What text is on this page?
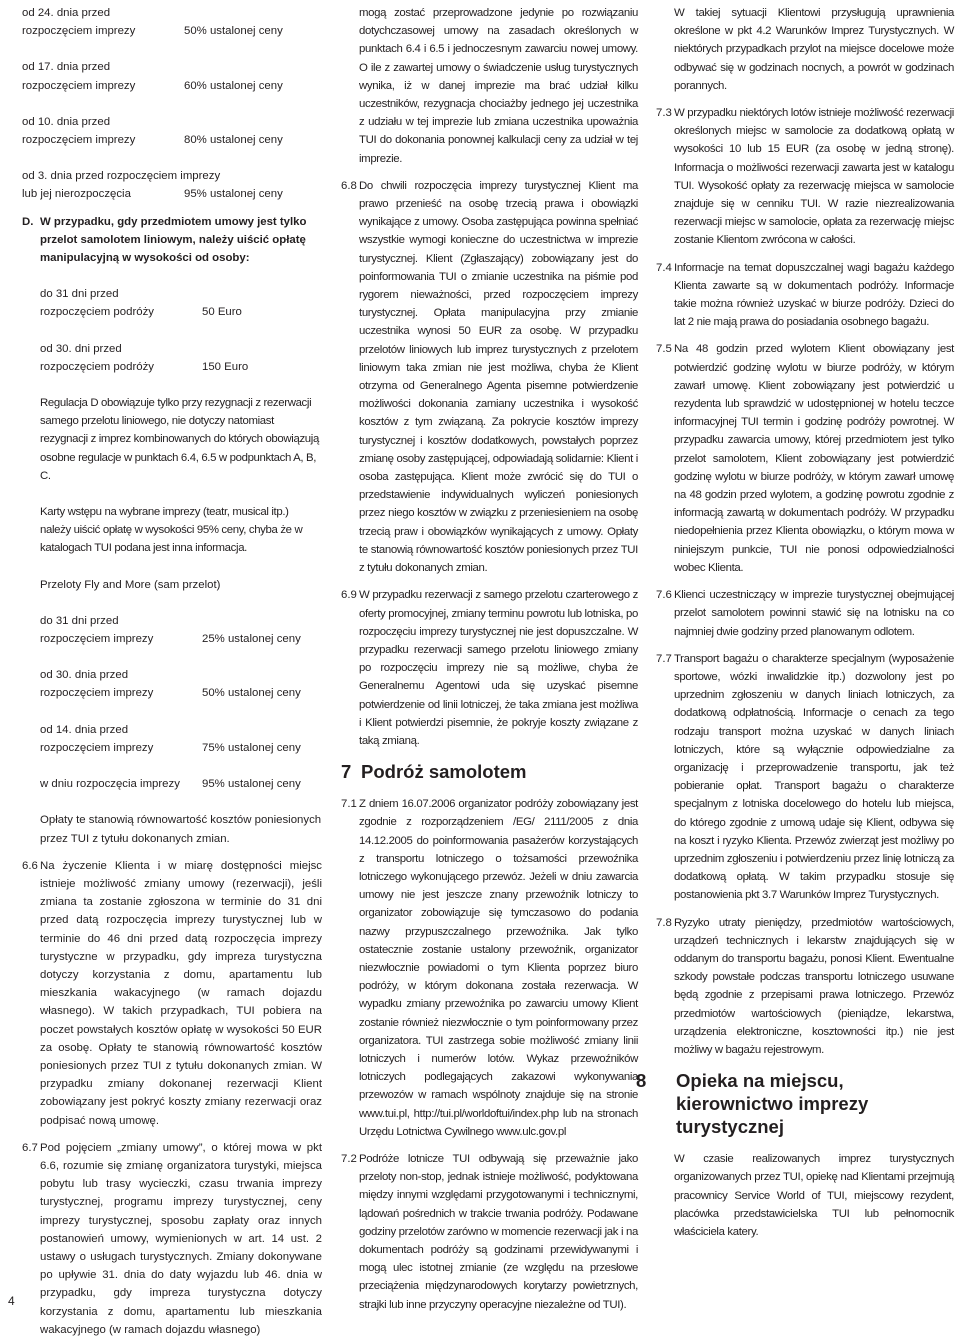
od 24. dnia przed
rozpoczęciem imprezy
	50% ustalonej ceny
od 17. dnia przed
rozpoczęciem imprezy
	60% ustalonej ceny
od 10. dnia przed
rozpoczęciem imprezy
	80% ustalonej ceny
od 3. dnia przed rozpoczęciem imprezy
lub jej nierozpoczęcia
	95% ustalonej ceny
D. W przypadku, gdy przedmiotem umowy jest tylko przelot samolotem liniowym, należy uiścić opłatę manipulacyjną w wysokości od osoby:
do 31 dni przed
rozpoczęciem podróży
	50 Euro
od 30. dni przed
rozpoczęciem podróży
	150 Euro
Regulacja D obowiązuje tylko przy rezygnacji z rezerwacji samego przelotu liniowego, nie dotyczy natomiast rezygnacji z imprez kombinowanych do których obowiązują osobne regulacje w punktach 6.4, 6.5 w podpunktach A, B, C.
Karty wstępu na wybrane imprezy (teatr, musical itp.) należy uiścić opłatę w wysokości 95% ceny, chyba że w katalogach TUI podana jest inna informacja.
Przeloty Fly and More (sam przelot)
do 31 dni przed
rozpoczęciem imprezy
	25% ustalonej ceny
od 30. dnia przed
rozpoczęciem imprezy
	50% ustalonej ceny
od 14. dnia przed
rozpoczęciem imprezy
	75% ustalonej ceny
w dniu rozpoczęcia imprezy	95% ustalonej ceny
Opłaty te stanowią równowartość kosztów poniesionych przez TUI z tytułu dokonanych zmian.
6.6 Na życzenie Klienta i w miarę dostępności miejsc istnieje możliwość zmiany umowy (rezerwacji), jeśli zmiana ta zostanie zgłoszona w terminie do 31 dni przed datą rozpoczęcia imprezy turystycznej lub w terminie do 46 dni przed datą rozpoczęcia imprezy turystyczne w przypadku, gdy impreza turystyczna dotyczy korzystania z domu, apartamentu lub mieszkania wakacyjnego (w ramach dojazdu własnego). W takich przypadkach, TUI pobiera na poczet powstałych kosztów opłatę w wysokości 50 EUR za osobę. Opłaty te stanowią równowartość kosztów poniesionych przez TUI z tytułu dokonanych zmian. W przypadku zmiany dokonanej rezerwacji Klient zobowiązany jest pokryć koszty zmiany rezerwacji oraz podpisać nową umowę.
6.7 Pod pojęciem „zmiany umowy”, o której mowa w pkt 6.6, rozumie się zmianę organizatora turystyki, miejsca pobytu lub trasy wycieczki, czasu trwania imprezy turystycznej, programu imprezy turystycznej, ceny imprezy turystycznej, sposobu zapłaty oraz innych postanowień umowy, wymienionych w art. 14 ust. 2 ustawy o usługach turystycznych. Zmiany dokonywane po upływie 31. dnia do daty wyjazdu lub 46. dnia w przypadku, gdy impreza turystyczna dotyczy korzystania z domu, apartamentu lub mieszkania wakacyjnego (w ramach dojazdu własnego)
mogą zostać przeprowadzone jedynie po rozwiązaniu dotychczasowej umowy na zasadach określonych w punktach 6.4 i 6.5 i jednoczesnym zawarciu nowej umowy. O ile z zawartej umowy o świadczenie usług turystycznych wynika, iż w danej imprezie ma brać udział kilku uczestników, rezygnacja chociażby jednego jej uczestnika z udziału w tej imprezie lub zmiana uczestnika upoważnia TUI do dokonania ponownej kalkulacji ceny za udział w tej imprezie.
6.8 Do chwili rozpoczęcia imprezy turystycznej Klient ma prawo przenieść na osobę trzecią prawa i obowiązki wynikające z umowy. Osoba zastępująca powinna spełniać wszystkie wymogi konieczne do uczestnictwa w imprezie turystycznej. Klient (Zgłaszający) zobowiązany jest do poinformowania TUI o zmianie uczestnika na piśmie pod rygorem nieważności, przed rozpoczęciem imprezy turystycznej. Opłata manipulacyjna przy zmianie uczestnika wynosi 50 EUR za osobę. W przypadku przelotów liniowych lub imprez turystycznych z przelotem liniowym taka zmian nie jest możliwa, chyba że Klient otrzyma od Generalnego Agenta pisemne potwierdzenie możliwości dokonania zamiany uczestnika i wysokość kosztów z tym związaną. Za pokrycie kosztów imprezy turystycznej i kosztów dodatkowych, powstałych poprzez zmianę osoby zastępującej, odpowiadają solidarnie: Klient i osoba zastępująca. Klient może zwrócić się do TUI o przedstawienie indywidualnych wyliczeń poniesionych przez niego kosztów w związku z przeniesieniem na osobę trzecią praw i obowiązków wynikających z umowy. Opłaty te stanowią równowartość kosztów poniesionych przez TUI z tytułu dokonanych zmian.
6.9 W przypadku rezerwacji z samego przelotu czarterowego z oferty promocyjnej, zmiany terminu powrotu lub lotniska, po rozpoczęciu imprezy turystycznej nie jest dopuszczalne. W przypadku rezerwacji samego przelotu liniowego zmiany po rozpoczęciu imprezy nie są możliwe, chyba że Generalnemu Agentowi uda się uzyskać pisemne potwierdzenie od linii lotniczej, że taka zmiana jest możliwa i Klient potwierdzi pisemnie, że pokryje koszty związane z taką zmianą.
7 Podróż samolotem
7.1 Z dniem 16.07.2006 organizator podróży zobowiązany jest zgodnie z rozporządzeniem /EG/ 2111/2005 z dnia 14.12.2005 do poinformowania pasażerów korzystających z transportu lotniczego o tożsamości przewoźnika lotniczego wykonującego przewóz. Jeżeli w dniu zawarcia umowy nie jest jeszcze znany przewoźnik lotniczy to organizator zobowiązuje się tymczasowo do podania nazwy przypuszczalnego przewoźnika. Jak tylko ostatecznie zostanie ustalony przewoźnik, organizator niezwłocznie powiadomi o tym Klienta poprzez biuro podróży, w którym dokonana została rezerwacja. W wypadku zmiany przewoźnika po zawarciu umowy Klient zostanie również niezwłocznie o tym poinformowany przez organizatora. TUI zastrzega sobie możliwość zmiany linii lotniczych i numerów lotów. Wykaz przewoźników lotniczych podlegających zakazowi wykonywania przewozów w ramach wspólnoty znajduje się na stronie www.tui.pl, http://tui.pl/worldoftui/index.php lub na stronach Urzędu Lotnictwa Cywilnego www.ulc.gov.pl
7.2 Podróże lotnicze TUI odbywają się przeważnie jako przeloty non-stop, jednak istnieje możliwość, podyktowana między innymi względami przygotowanymi i technicznymi, lądowań pośrednich w trakcie trwania podróży. Podawane godziny przelotów zarówno w momencie rezerwacji jak i na dokumentach podróży są godzinami przewidywanymi i mogą ulec istotnej zmianie (ze względu na przesłowe przeciążenia międzynarodowych korytarzy powietrznych, strajki lub inne przyczyny operacyjne niezależne od TUI).
W takiej sytuacji Klientowi przysługują uprawnienia określone w pkt 4.2 Warunków Imprez Turystycznych. W niektórych przypadkach przylot na miejsce docelowe może odbywać się w godzinach nocnych, a powrót w godzinach porannych.
7.3 W przypadku niektórych lotów istnieje możliwość rezerwacji określonych miejsc w samolocie za dodatkową opłatą w wysokości 10 lub 15 EUR (za osobę w jedną stronę). Informacja o możliwości rezerwacji zawarta jest w katalogu TUI. Wysokość opłaty za rezerwację miejsca w samolocie znajduje się w cenniku TUI. W razie niezrealizowania rezerwacji miejsc w samolocie, opłata za rezerwację miejsc zostanie Klientom zwrócona w całości.
7.4 Informacje na temat dopuszczalnej wagi bagażu każdego Klienta zawarte są w dokumentach podróży. Informacje takie można również uzyskać w biurze podróży. Dzieci do lat 2 nie mają prawa do posiadania osobnego bagażu.
7.5 Na 48 godzin przed wylotem Klient obowiązany jest potwierdzić godzinę wylotu w biurze podróży, w którym zawarł umowę. Klient zobowiązany jest potwierdzić u rezydenta lub sprawdzić w udostępnionej w hotelu teczce informacyjnej TUI termin i godzinę podróży powrotnej. W przypadku zawarcia umowy, której przedmiotem jest tylko przelot samolotem, Klient zobowiązany jest potwierdzić godzinę wylotu w biurze podróży, w którym zawarł umowę na 48 godzin przed wylotem, a godzinę powrotu zgodnie z informacją zawartą w dokumentach podróży. W przypadku niedopełnienia przez Klienta obowiązku, o którym mowa w niniejszym punkcie, TUI nie ponosi odpowiedzialności wobec Klienta.
7.6 Klienci uczestniczący w imprezie turystycznej obejmującej przelot samolotem powinni stawić się na lotnisku na co najmniej dwie godziny przed planowanym odlotem.
7.7 Transport bagażu o charakterze specjalnym (wyposażenie sportowe, wózki inwalidzkie itp.) dozwolony jest po uprzednim zgłoszeniu w danych liniach lotniczych, za dodatkową odpłatnością. Informacje o cenach za tego rodzaju transport można uzyskać w danych liniach lotniczych, które są wyłącznie odpowiedzialne za organizację i przeprowadzenie transportu, jak też pobieranie opłat. Transport bagażu o charakterze specjalnym z lotniska docelowego do hotelu lub miejsca, do którego zgodnie z umową udaje się Klient, odbywa się na koszt i ryzyko Klienta. Przewóz zwierząt jest możliwy po uprzednim zgłoszeniu i potwierdzeniu przez linię lotniczą za dodatkową opłatą. W takim przypadku stosuje się postanowienia pkt 3.7 Warunków Imprez Turystycznych.
7.8 Ryzyko utraty pieniędzy, przedmiotów wartościowych, urządzeń technicznych i lekarstw znajdujących się w oddanym do transportu bagażu, ponosi Klient. Ewentualne szkody powstałe podczas transportu lotniczego usuwane będą zgodnie z przepisami prawa lotniczego. Przewóz przedmiotów wartościowych (pieniądze, lekarstwa, urządzenia elektroniczne, kosztowności itp.) nie jest możliwy w bagażu rejestrowym.
8 Opieka na miejscu, kierownictwo imprezy turystycznej
W czasie realizowanych imprez turystycznych organizowanych przez TUI, opiekę nad Klientami przejmują pracownicy Service World of TUI, miejscowy rezydent, placówka przedstawicielska TUI lub pełnomocnik właściciela katery.
4
